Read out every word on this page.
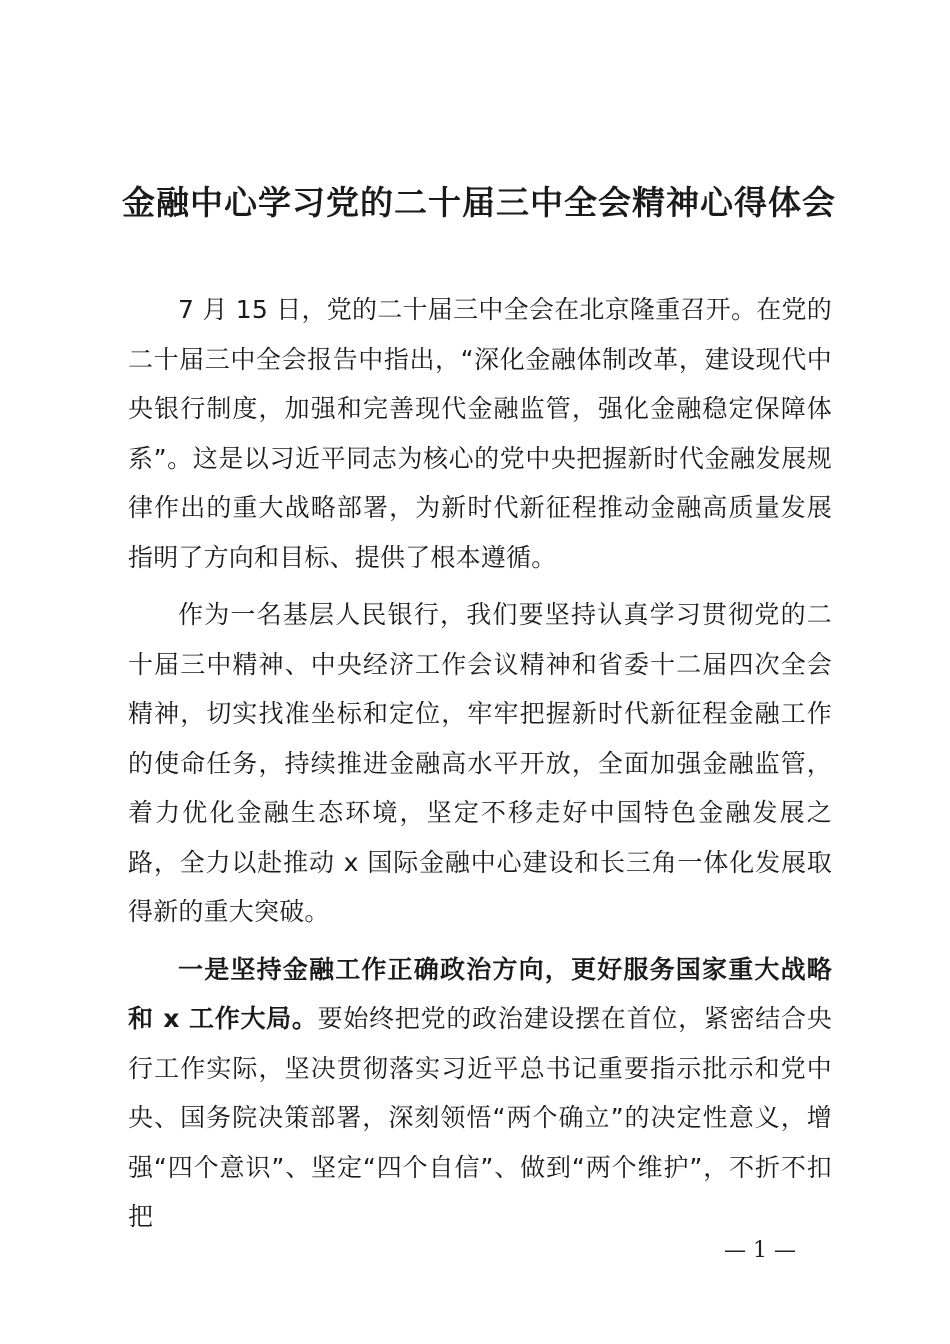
金融中心学习党的二十届三中全会精神心得体会

7 月 15 日，党的二十届三中全会在北京隆重召开。在党的二十届三中全会报告中指出，“深化金融体制改革，建设现代中央银行制度，加强和完善现代金融监管，强化金融稳定保障体系”。这是以习近平同志为核心的党中央把握新时代金融发展规律作出的重大战略部署，为新时代新征程推动金融高质量发展指明了方向和目标、提供了根本遵循。

作为一名基层人民银行，我们要坚持认真学习贯彻党的二十届三中精神、中央经济工作会议精神和省委十二届四次全会精神，切实找准坐标和定位，牢牢把握新时代新征程金融工作的使命任务，持续推进金融高水平开放，全面加强金融监管，着力优化金融生态环境，坚定不移走好中国特色金融发展之路，全力以赴推动 x 国际金融中心建设和长三角一体化发展取得新的重大突破。

一是坚持金融工作正确政治方向，更好服务国家重大战略和 x 工作大局。要始终把党的政治建设摆在首位，紧密结合央行工作实际，坚决贯彻落实习近平总书记重要指示批示和党中央、国务院决策部署，深刻领悟“两个确立”的决定性意义，增强“四个意识”、坚定“四个自信”、做到“两个维护”，不折不扣把

— 1 —
